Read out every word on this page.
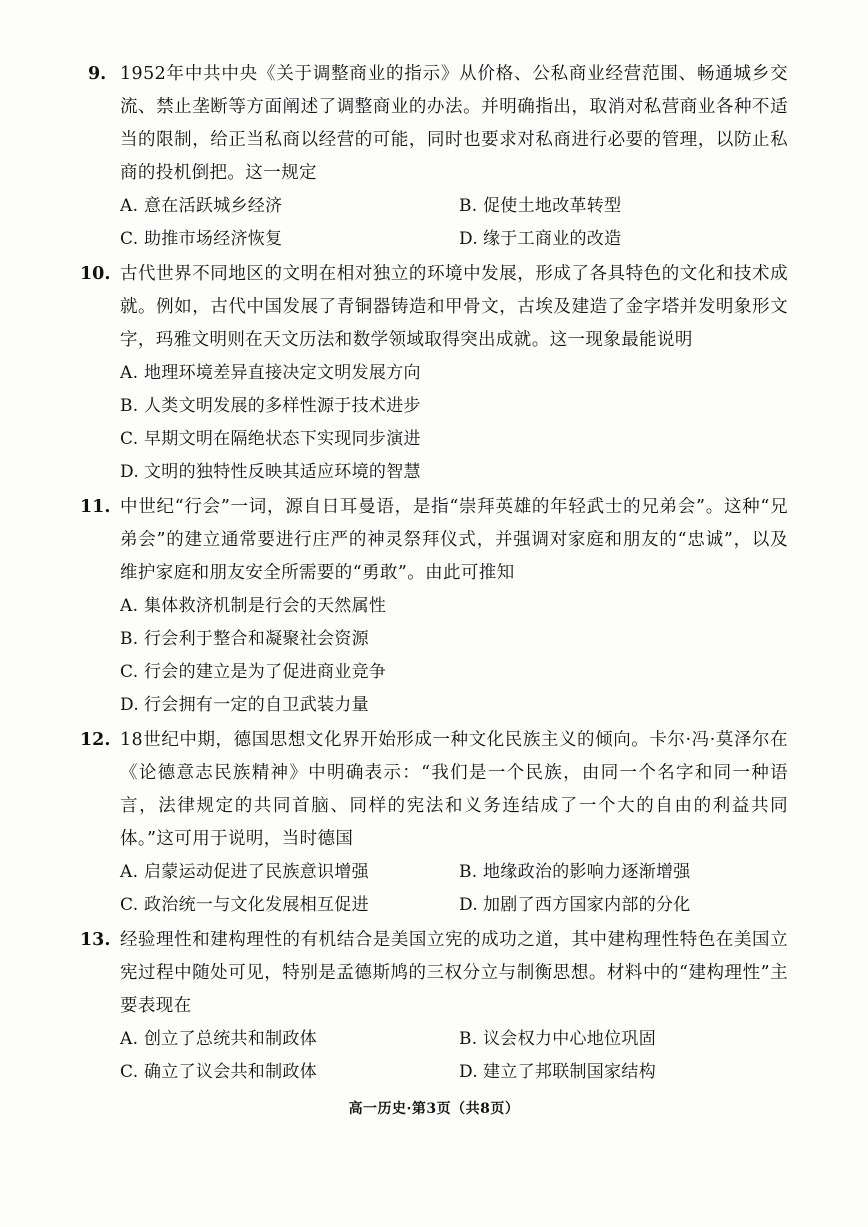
9. 1952年中共中央《关于调整商业的指示》从价格、公私商业经营范围、畅通城乡交流、禁止垄断等方面阐述了调整商业的办法。并明确指出，取消对私营商业各种不适当的限制，给正当私商以经营的可能，同时也要求对私商进行必要的管理，以防止私商的投机倒把。这一规定
A. 意在活跃城乡经济	B. 促使土地改革转型
C. 助推市场经济恢复	D. 缘于工商业的改造
10. 古代世界不同地区的文明在相对独立的环境中发展，形成了各具特色的文化和技术成就。例如，古代中国发展了青铜器铸造和甲骨文，古埃及建造了金字塔并发明象形文字，玛雅文明则在天文历法和数学领域取得突出成就。这一现象最能说明
A. 地理环境差异直接决定文明发展方向
B. 人类文明发展的多样性源于技术进步
C. 早期文明在隔绝状态下实现同步演进
D. 文明的独特性反映其适应环境的智慧
11. 中世纪“行会”一词，源自日耳曼语，是指“崇拜英雄的年轻武士的兄弟会”。这种“兄弟会”的建立通常要进行庄严的神灵祭拜仪式，并强调对家庭和朋友的“忠诚”，以及维护家庭和朋友安全所需要的“勇敢”。由此可推知
A. 集体救济机制是行会的天然属性
B. 行会利于整合和凝聚社会资源
C. 行会的建立是为了促进商业竞争
D. 行会拥有一定的自卫武装力量
12. 18世纪中期，德国思想文化界开始形成一种文化民族主义的倾向。卡尔·冯·莫泽尔在《论德意志民族精神》中明确表示：“我们是一个民族，由同一个名字和同一种语言，法律规定的共同首脑、同样的宪法和义务连结成了一个大的自由的利益共同体。”这可用于说明，当时德国
A. 启蒙运动促进了民族意识增强	B. 地缘政治的影响力逐渐增强
C. 政治统一与文化发展相互促进	D. 加剧了西方国家内部的分化
13. 经验理性和建构理性的有机结合是美国立宪的成功之道，其中建构理性特色在美国立宪过程中随处可见，特别是孟德斯鸠的三权分立与制衡思想。材料中的“建构理性”主要表现在
A. 创立了总统共和制政体	B. 议会权力中心地位巩固
C. 确立了议会共和制政体	D. 建立了邦联制国家结构
高一历史·第3页（共8页）
